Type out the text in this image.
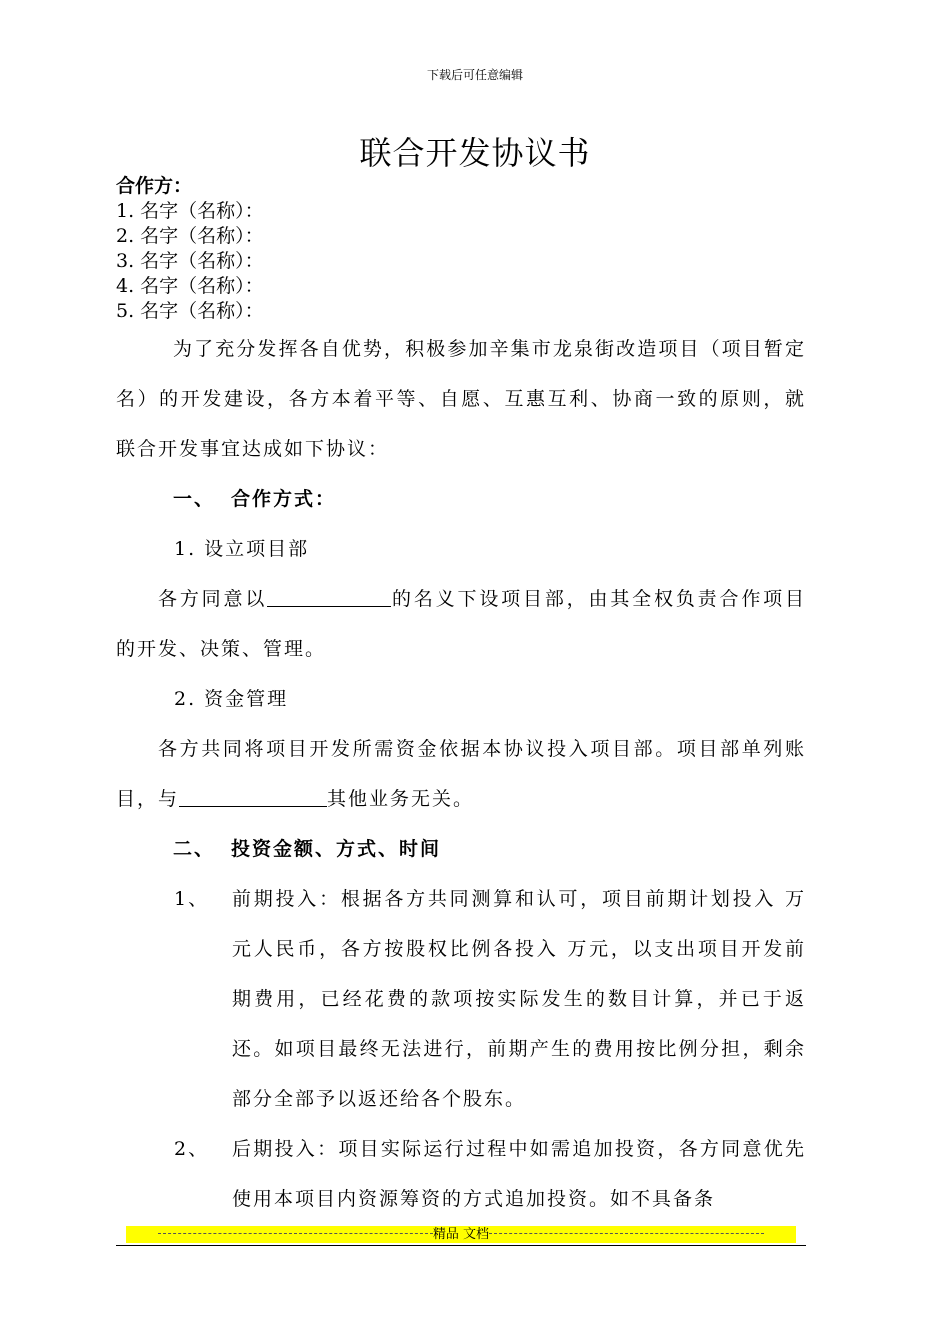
下载后可任意编辑
联合开发协议书
合作方：
1. 名字（名称）：
2. 名字（名称）：
3. 名字（名称）：
4. 名字（名称）：
5. 名字（名称）：

为了充分发挥各自优势，积极参加辛集市龙泉街改造项目（项目暂定名）的开发建设，各方本着平等、自愿、互惠互利、协商一致的原则，就联合开发事宜达成如下协议：

一、 合作方式：

1. 设立项目部

各方同意以	的名义下设项目部，由其全权负责合作项目的开发、决策、管理。

2. 资金管理

各方共同将项目开发所需资金依据本协议投入项目部。项目部单列账目，与	其他业务无关。

二、 投资金额、方式、时间

1、 前期投入：根据各方共同测算和认可，项目前期计划投入 万元人民币，各方按股权比例各投入 万元，以支出项目开发前期费用，已经花费的款项按实际发生的数目计算，并已于返还。如项目最终无法进行，前期产生的费用按比例分担，剩余部分全部予以返还给各个股东。

2、 后期投入：项目实际运行过程中如需追加投资，各方同意优先使用本项目内资源筹资的方式追加投资。如不具备条

精品 文档
